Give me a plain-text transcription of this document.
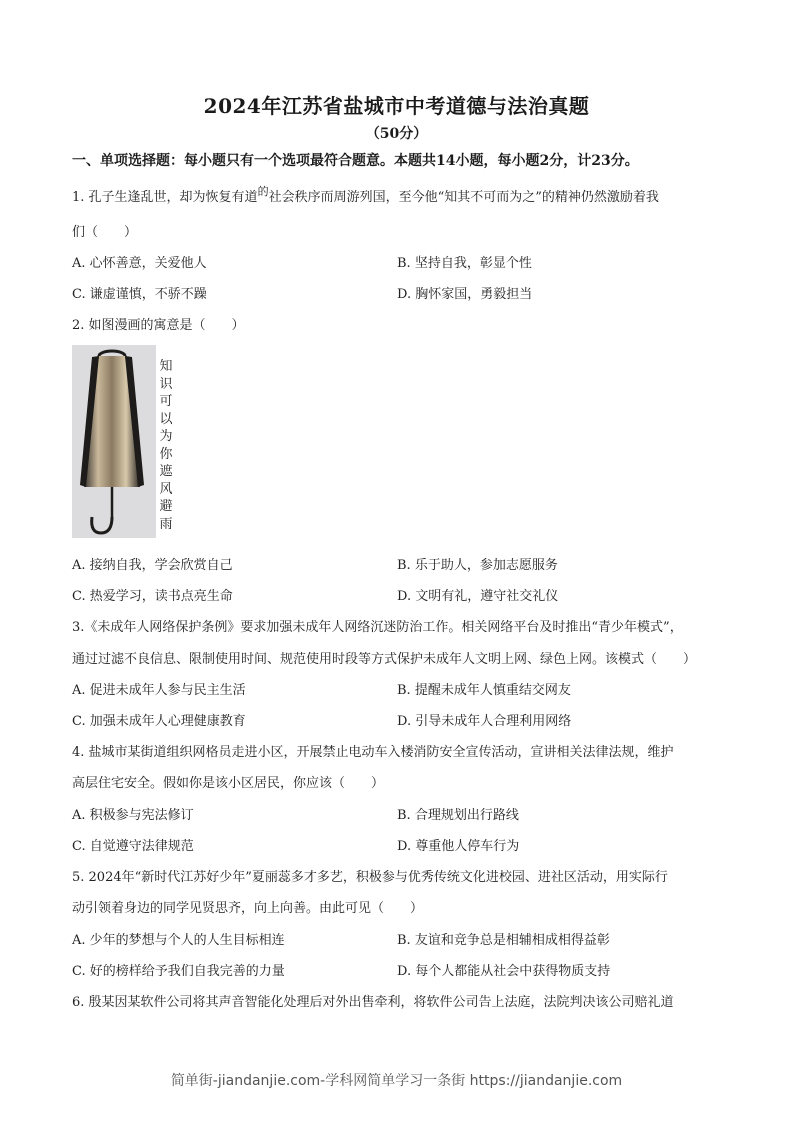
2024年江苏省盐城市中考道德与法治真题
（50分）
一、单项选择题：每小题只有一个选项最符合题意。本题共14小题，每小题2分，计23分。
1. 孔子生逢乱世，却为恢复有道$^的$社会秩序而周游列国，至今他“知其不可而为之”的精神仍然激励着我
们（　　）
A. 心怀善意，关爱他人	B. 坚持自我，彰显个性
C. 谦虚谨慎，不骄不躁	D. 胸怀家国，勇毅担当
2. 如图漫画的寓意是（　　）
知
识
可
以
为
你
遮
风
避
雨
A. 接纳自我，学会欣赏自己	B. 乐于助人，参加志愿服务
C. 热爱学习，读书点亮生命	D. 文明有礼，遵守社交礼仪
3.《未成年人网络保护条例》要求加强未成年人网络沉迷防治工作。相关网络平台及时推出“青少年模式”，
通过过滤不良信息、限制使用时间、规范使用时段等方式保护未成年人文明上网、绿色上网。该模式（　　）
A. 促进未成年人参与民主生活	B. 提醒未成年人慎重结交网友
C. 加强未成年人心理健康教育	D. 引导未成年人合理利用网络
4. 盐城市某街道组织网格员走进小区，开展禁止电动车入楼消防安全宣传活动，宣讲相关法律法规，维护
高层住宅安全。假如你是该小区居民，你应该（　　）
A. 积极参与宪法修订	B. 合理规划出行路线
C. 自觉遵守法律规范	D. 尊重他人停车行为
5. 2024年“新时代江苏好少年”夏丽蕊多才多艺，积极参与优秀传统文化进校园、进社区活动，用实际行
动引领着身边的同学见贤思齐，向上向善。由此可见（　　）
A. 少年的梦想与个人的人生目标相连	B. 友谊和竞争总是相辅相成相得益彰
C. 好的榜样给予我们自我完善的力量	D. 每个人都能从社会中获得物质支持
6. 殷某因某软件公司将其声音智能化处理后对外出售牵利，将软件公司告上法庭，法院判决该公司赔礼道
简单街-jiandanjie.com-学科网简单学习一条街 https://jiandanjie.com
